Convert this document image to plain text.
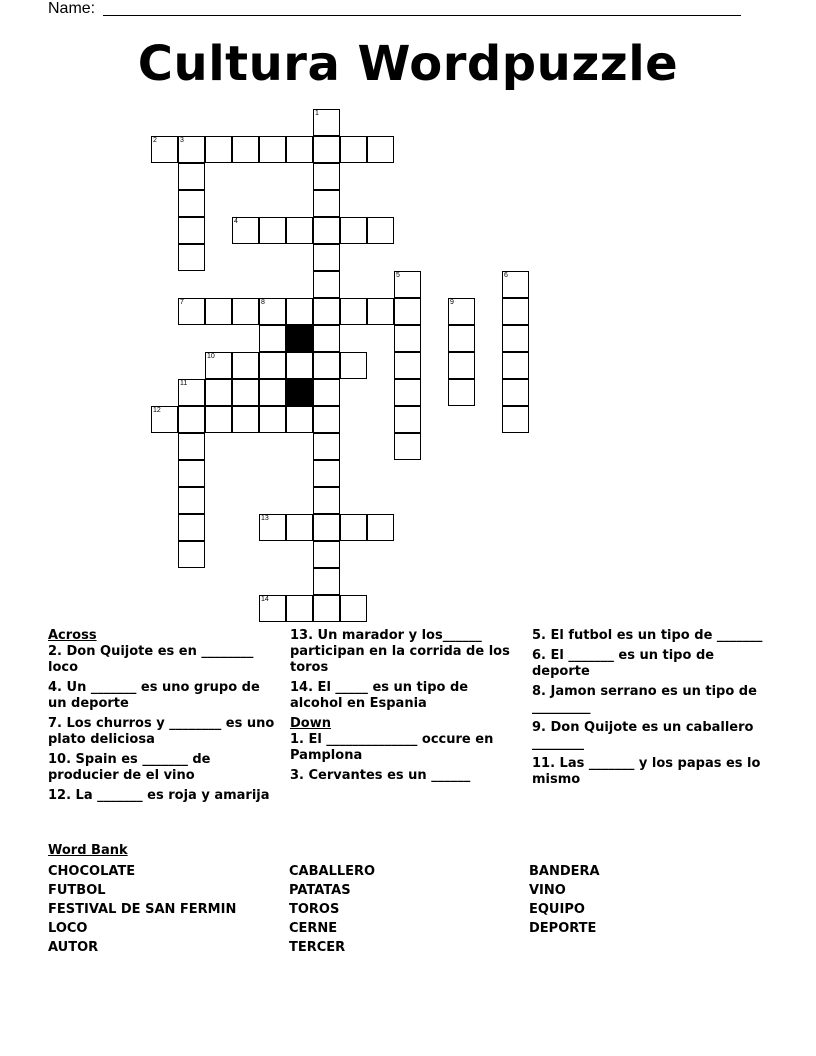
Name:
Cultura Wordpuzzle
1
2	3
4
5	6
7	8	9
10
11
12
13
14
Across
2. Don Quijote es en ________ loco
4. Un _______ es uno grupo de un deporte
7. Los churros y ________ es uno plato deliciosa
10. Spain es _______ de producier de el vino
12. La _______ es roja y amarija
13. Un marador y los______ participan en la corrida de los toros
14. El _____ es un tipo de alcohol en Espania
Down
1. El ______________ occure en Pamplona
3. Cervantes es un ______
5. El futbol es un tipo de _______
6. El _______ es un tipo de deporte
8. Jamon serrano es un tipo de _________
9. Don Quijote es un caballero ________
11. Las _______ y los papas es lo mismo
Word Bank
CHOCOLATE
FUTBOL
FESTIVAL DE SAN FERMIN
LOCO
AUTOR
CABALLERO
PATATAS
TOROS
CERNE
TERCER
BANDERA
VINO
EQUIPO
DEPORTE
